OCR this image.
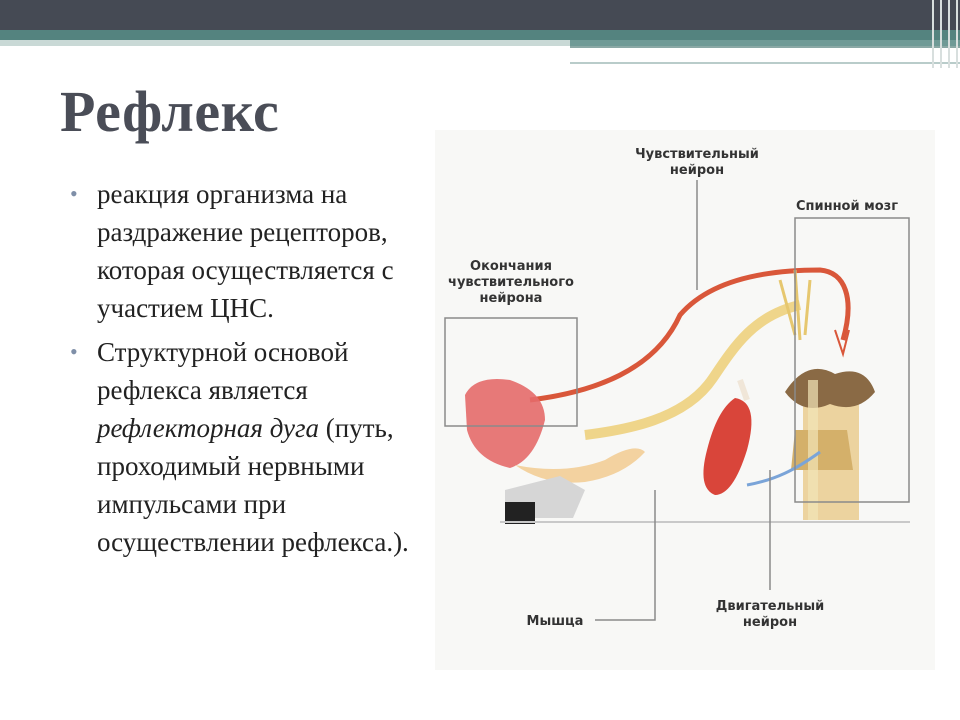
Рефлекс
• реакция организма на раздражение рецепторов, которая осуществляется с участием ЦНС.
• Структурной основой рефлекса является рефлекторная дуга (путь, проходимый нервными импульсами при осуществлении рефлекса.).
Чувствительный
нейрон
Спинной мозг
Окончания
чувствительного
нейрона
Мышца
Двигательный
нейрон
